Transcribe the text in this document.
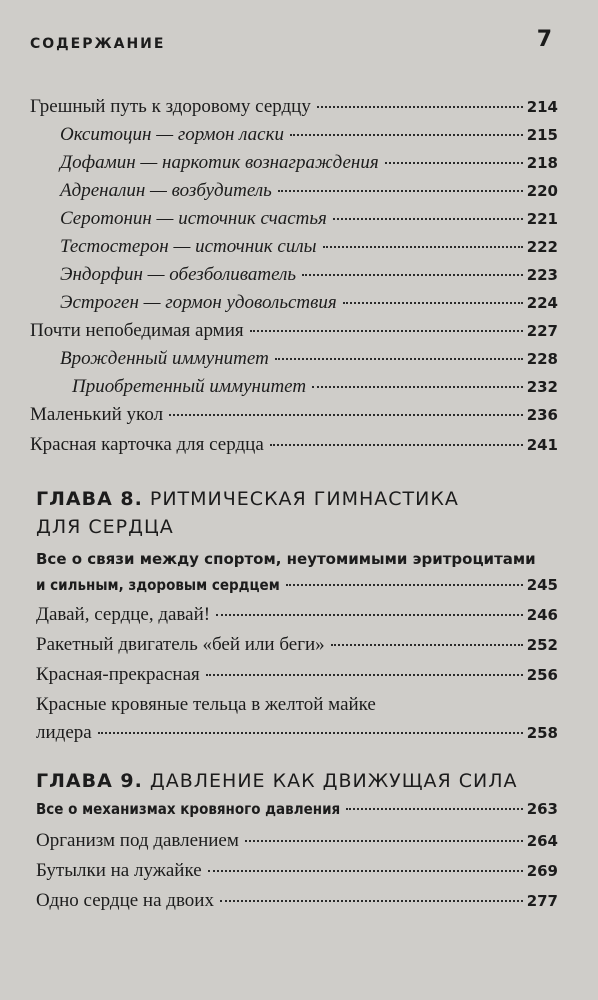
СОДЕРЖАНИЕ	7
Грешный путь к здоровому сердцу	214
Окситоцин — гормон ласки	215
Дофамин — наркотик вознаграждения	218
Адреналин — возбудитель	220
Серотонин — источник счастья	221
Тестостерон — источник силы	222
Эндорфин — обезболиватель	223
Эстроген — гормон удовольствия	224
Почти непобедимая армия	227
Врожденный иммунитет	228
Приобретенный иммунитет	232
Маленький укол	236
Красная карточка для сердца	241
ГЛАВА 8. РИТМИЧЕСКАЯ ГИМНАСТИКА
ДЛЯ СЕРДЦА
Все о связи между спортом, неутомимыми эритроцитами
и сильным, здоровым сердцем	245
Давай, сердце, давай!	246
Ракетный двигатель «бей или беги»	252
Красная-прекрасная	256
Красные кровяные тельца в желтой майке
лидера	258
ГЛАВА 9. ДАВЛЕНИЕ КАК ДВИЖУЩАЯ СИЛА
Все о механизмах кровяного давления	263
Организм под давлением	264
Бутылки на лужайке	269
Одно сердце на двоих	277
